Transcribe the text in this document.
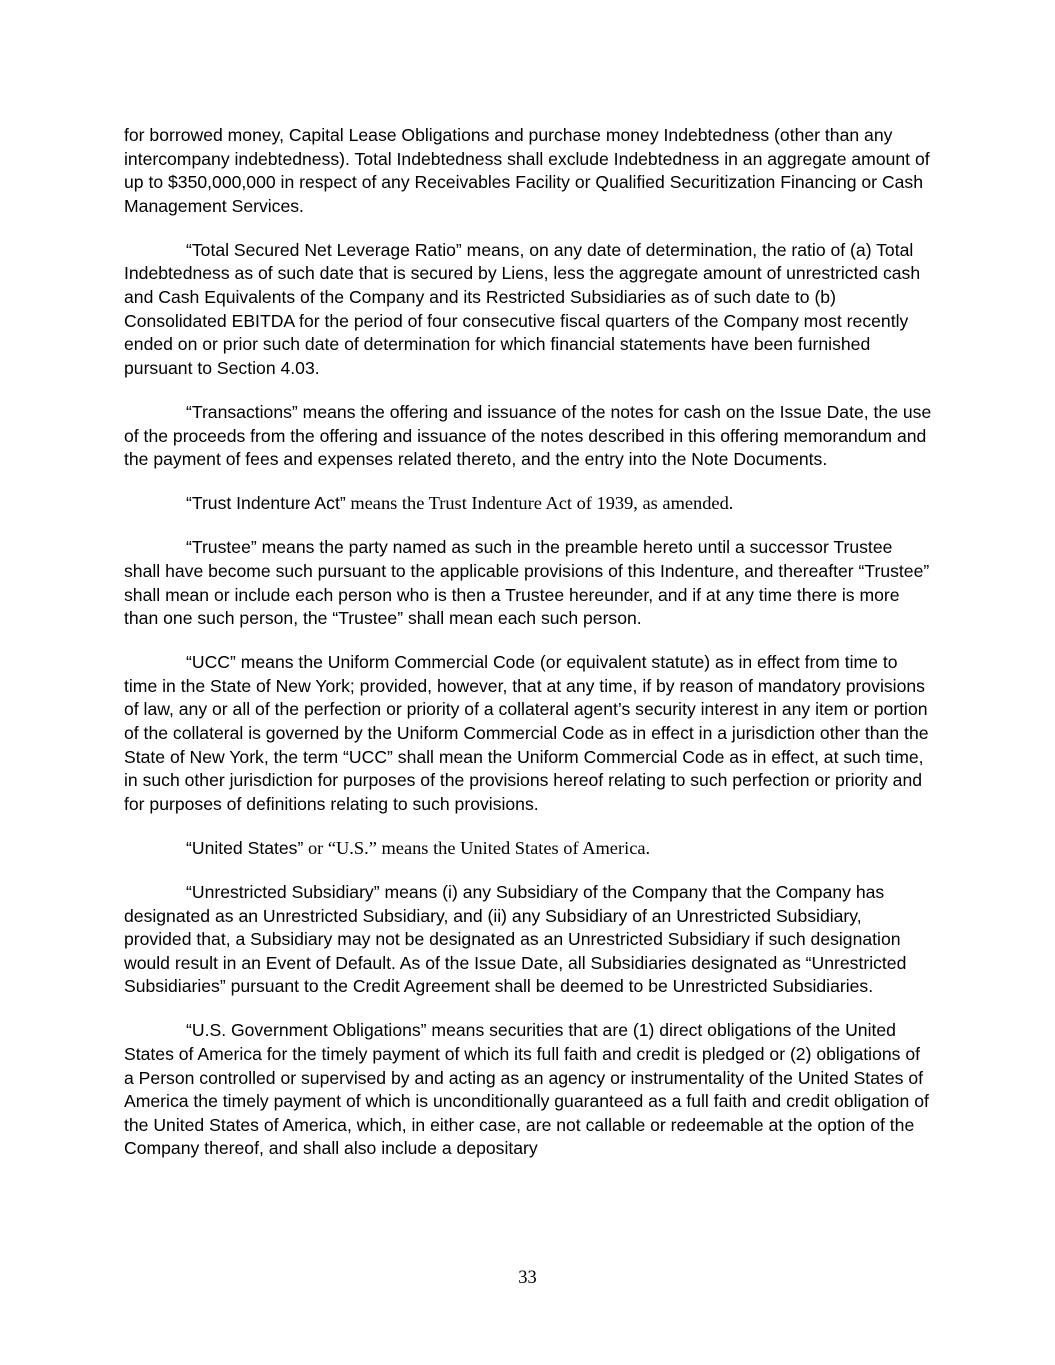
for borrowed money, Capital Lease Obligations and purchase money Indebtedness (other than any intercompany indebtedness). Total Indebtedness shall exclude Indebtedness in an aggregate amount of up to $350,000,000 in respect of any Receivables Facility or Qualified Securitization Financing or Cash Management Services.

“Total Secured Net Leverage Ratio” means, on any date of determination, the ratio of (a) Total Indebtedness as of such date that is secured by Liens, less the aggregate amount of unrestricted cash and Cash Equivalents of the Company and its Restricted Subsidiaries as of such date to (b) Consolidated EBITDA for the period of four consecutive fiscal quarters of the Company most recently ended on or prior such date of determination for which financial statements have been furnished pursuant to Section 4.03.

“Transactions” means the offering and issuance of the notes for cash on the Issue Date, the use of the proceeds from the offering and issuance of the notes described in this offering memorandum and the payment of fees and expenses related thereto, and the entry into the Note Documents.

“Trust Indenture Act” means the Trust Indenture Act of 1939, as amended.

“Trustee” means the party named as such in the preamble hereto until a successor Trustee shall have become such pursuant to the applicable provisions of this Indenture, and thereafter “Trustee” shall mean or include each person who is then a Trustee hereunder, and if at any time there is more than one such person, the “Trustee” shall mean each such person.

“UCC” means the Uniform Commercial Code (or equivalent statute) as in effect from time to time in the State of New York; provided, however, that at any time, if by reason of mandatory provisions of law, any or all of the perfection or priority of a collateral agent’s security interest in any item or portion of the collateral is governed by the Uniform Commercial Code as in effect in a jurisdiction other than the State of New York, the term “UCC” shall mean the Uniform Commercial Code as in effect, at such time, in such other jurisdiction for purposes of the provisions hereof relating to such perfection or priority and for purposes of definitions relating to such provisions.

“United States” or “U.S.” means the United States of America.

“Unrestricted Subsidiary” means (i) any Subsidiary of the Company that the Company has designated as an Unrestricted Subsidiary, and (ii) any Subsidiary of an Unrestricted Subsidiary, provided that, a Subsidiary may not be designated as an Unrestricted Subsidiary if such designation would result in an Event of Default. As of the Issue Date, all Subsidiaries designated as “Unrestricted Subsidiaries” pursuant to the Credit Agreement shall be deemed to be Unrestricted Subsidiaries.

“U.S. Government Obligations” means securities that are (1) direct obligations of the United States of America for the timely payment of which its full faith and credit is pledged or (2) obligations of a Person controlled or supervised by and acting as an agency or instrumentality of the United States of America the timely payment of which is unconditionally guaranteed as a full faith and credit obligation of the United States of America, which, in either case, are not callable or redeemable at the option of the Company thereof, and shall also include a depositary

33
